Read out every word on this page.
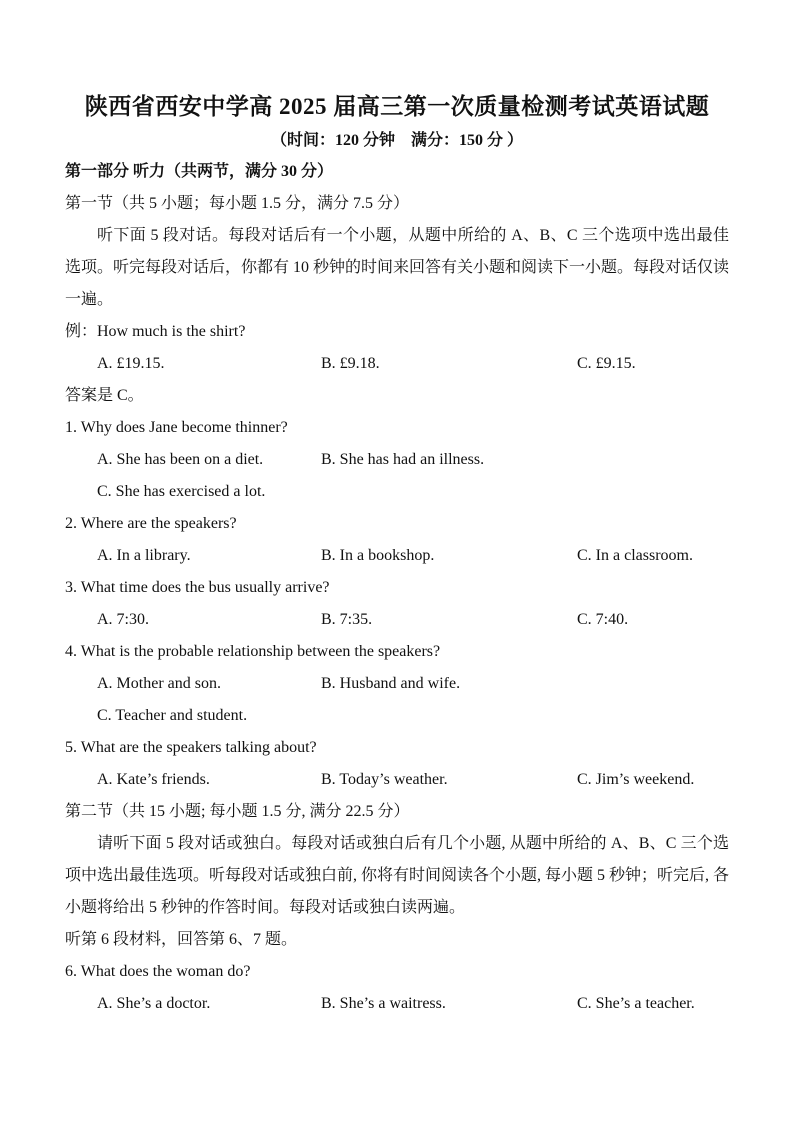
陕西省西安中学高 2025 届高三第一次质量检测考试英语试题
（时间：120 分钟　满分：150 分 ）
第一部分 听力（共两节，满分 30 分）
第一节（共 5 小题；每小题 1.5 分，满分 7.5 分）
听下面 5 段对话。每段对话后有一个小题，从题中所给的 A、B、C 三个选项中选出最佳选项。听完每段对话后，你都有 10 秒钟的时间来回答有关小题和阅读下一小题。每段对话仅读一遍。
例：How much is the shirt?
A. £19.15.	B. £9.18.	C. £9.15.
答案是 C。
1. Why does Jane become thinner?
A. She has been on a diet.	B. She has had an illness.
C. She has exercised a lot.
2. Where are the speakers?
A. In a library.	B. In a bookshop.	C. In a classroom.
3. What time does the bus usually arrive?
A. 7:30.	B. 7:35.	C. 7:40.
4. What is the probable relationship between the speakers?
A. Mother and son.	B. Husband and wife.
C. Teacher and student.
5. What are the speakers talking about?
A. Kate’s friends.	B. Today’s weather.	C. Jim’s weekend.
第二节（共 15 小题; 每小题 1.5 分, 满分 22.5 分）
请听下面 5 段对话或独白。每段对话或独白后有几个小题, 从题中所给的 A、B、C 三个选项中选出最佳选项。听每段对话或独白前, 你将有时间阅读各个小题, 每小题 5 秒钟；听完后, 各小题将给出 5 秒钟的作答时间。每段对话或独白读两遍。
听第 6 段材料，回答第 6、7 题。
6. What does the woman do?
A. She’s a doctor.	B. She’s a waitress.	C. She’s a teacher.
